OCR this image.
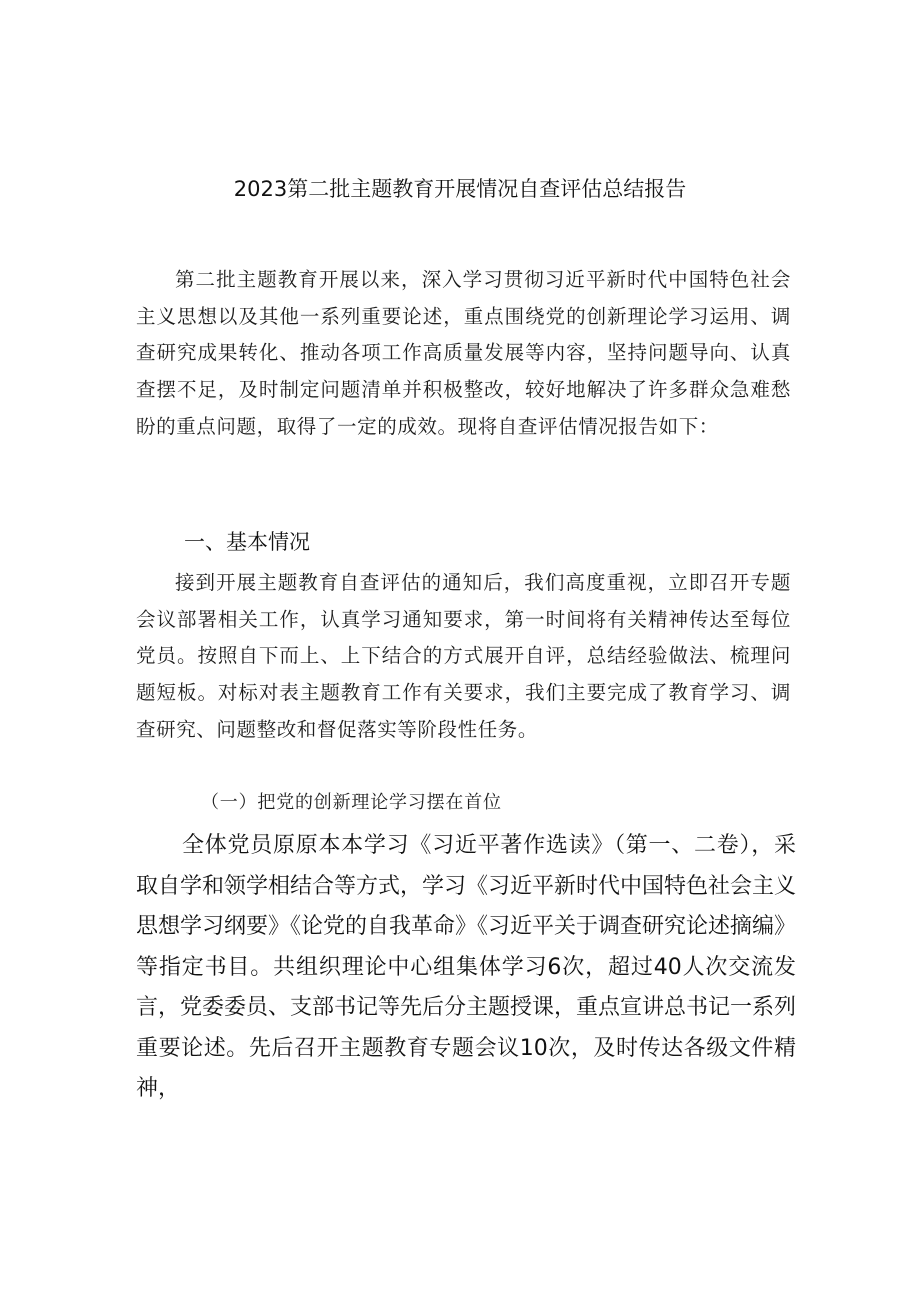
2023第二批主题教育开展情况自查评估总结报告
第二批主题教育开展以来，深入学习贯彻习近平新时代中国特色社会主义思想以及其他一系列重要论述，重点围绕党的创新理论学习运用、调查研究成果转化、推动各项工作高质量发展等内容，坚持问题导向、认真查摆不足，及时制定问题清单并积极整改，较好地解决了许多群众急难愁盼的重点问题，取得了一定的成效。现将自查评估情况报告如下：
一、基本情况
接到开展主题教育自查评估的通知后，我们高度重视，立即召开专题会议部署相关工作，认真学习通知要求，第一时间将有关精神传达至每位党员。按照自下而上、上下结合的方式展开自评，总结经验做法、梳理问题短板。对标对表主题教育工作有关要求，我们主要完成了教育学习、调查研究、问题整改和督促落实等阶段性任务。
（一）把党的创新理论学习摆在首位
全体党员原原本本学习《习近平著作选读》（第一、二卷），采取自学和领学相结合等方式，学习《习近平新时代中国特色社会主义思想学习纲要》《论党的自我革命》《习近平关于调查研究论述摘编》等指定书目。共组织理论中心组集体学习6次，超过40人次交流发言，党委委员、支部书记等先后分主题授课，重点宣讲总书记一系列重要论述。先后召开主题教育专题会议10次，及时传达各级文件精神，
